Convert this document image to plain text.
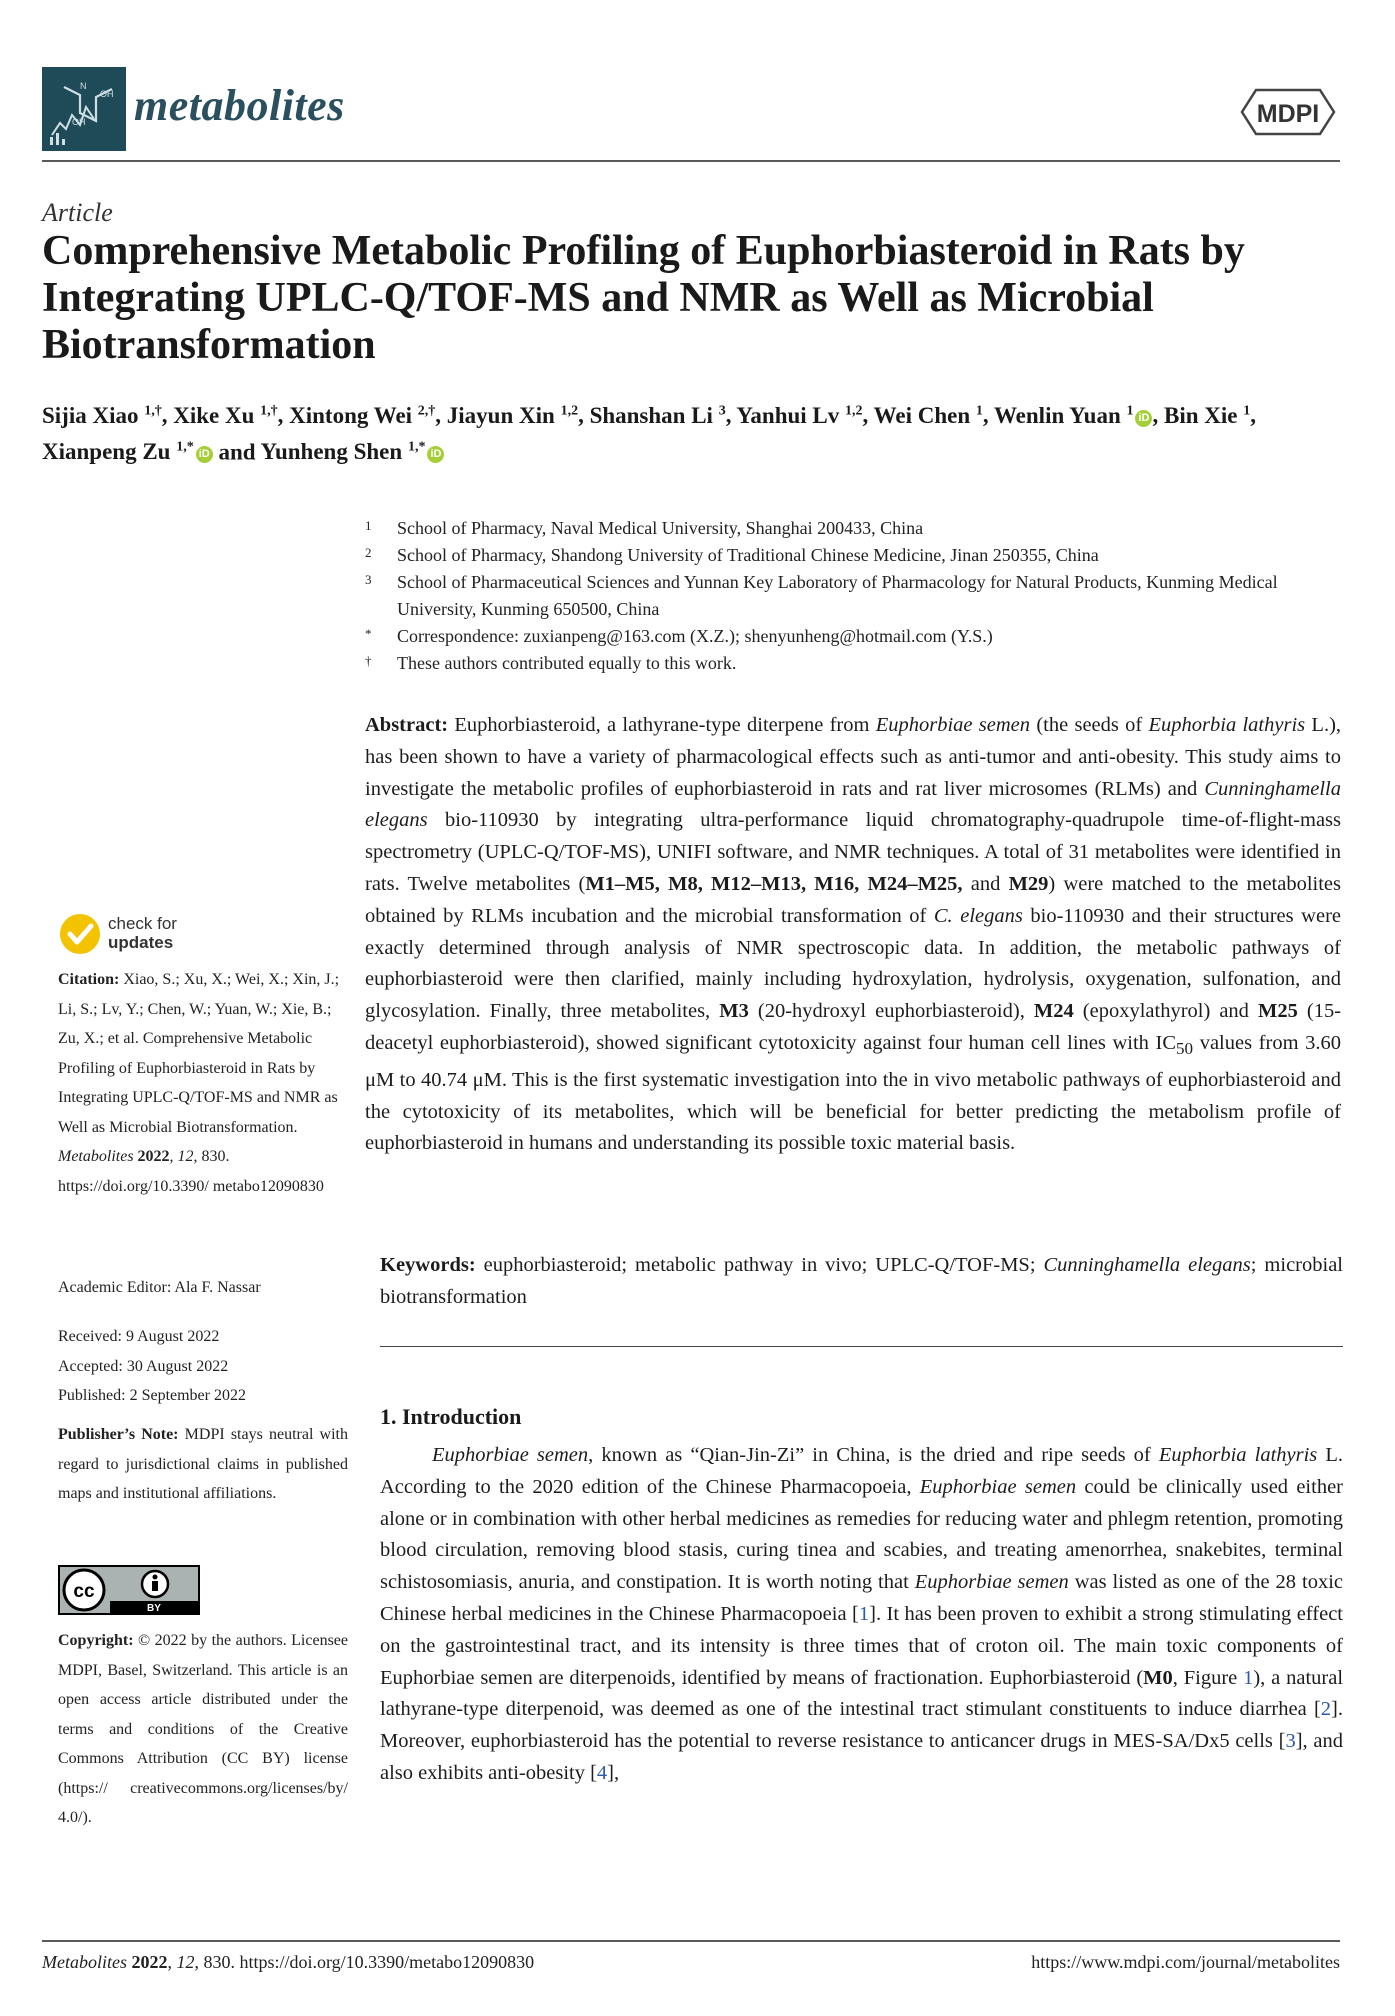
N
OH
OH metabolites	MDPI
Article
Comprehensive Metabolic Profiling of Euphorbiasteroid in Rats by Integrating UPLC-Q/TOF-MS and NMR as Well as Microbial Biotransformation
Sijia Xiao $^{1,\dagger}$, Xike Xu $^{1,\dagger}$, Xintong Wei $^{2,\dagger}$, Jiayun Xin $^{1,2}$, Shanshan Li $^3$, Yanhui Lv $^{1,2}$, Wei Chen $^1$, Wenlin Yuan $^1$ iD , Bin Xie $^1$, Xianpeng Zu $^{1,*}$ iD and Yunheng Shen $^{1,*}$ iD
1 School of Pharmacy, Naval Medical University, Shanghai 200433, China
2 School of Pharmacy, Shandong University of Traditional Chinese Medicine, Jinan 250355, China
3 School of Pharmaceutical Sciences and Yunnan Key Laboratory of Pharmacology for Natural Products, Kunming Medical University, Kunming 650500, China
* Correspondence: zuxianpeng@163.com (X.Z.); shenyunheng@hotmail.com (Y.S.)
† These authors contributed equally to this work.
Abstract: Euphorbiasteroid, a lathyrane-type diterpene from Euphorbiae semen (the seeds of Euphorbia lathyris L.), has been shown to have a variety of pharmacological effects such as anti-tumor and anti-obesity. This study aims to investigate the metabolic profiles of euphorbiasteroid in rats and rat liver microsomes (RLMs) and Cunninghamella elegans bio-110930 by integrating ultra-performance liquid chromatography-quadrupole time-of-flight-mass spectrometry (UPLC-Q/TOF-MS), UNIFI software, and NMR techniques. A total of 31 metabolites were identified in rats. Twelve metabolites (M1–M5, M8, M12–M13, M16, M24–M25, and M29) were matched to the metabolites obtained by RLMs incubation and the microbial transformation of C. elegans bio-110930 and their structures were exactly determined through analysis of NMR spectroscopic data. In addition, the metabolic pathways of euphorbiasteroid were then clarified, mainly including hydroxylation, hydrolysis, oxygenation, sulfonation, and glycosylation. Finally, three metabolites, M3 (20-hydroxyl euphorbiasteroid), M24 (epoxylathyrol) and M25 (15-deacetyl euphorbiasteroid), showed significant cytotoxicity against four human cell lines with $IC_{50}$ values from 3.60 μM to 40.74 μM. This is the first systematic investigation into the in vivo metabolic pathways of euphorbiasteroid and the cytotoxicity of its metabolites, which will be beneficial for better predicting the metabolism profile of euphorbiasteroid in humans and understanding its possible toxic material basis.
Keywords: euphorbiasteroid; metabolic pathway in vivo; UPLC-Q/TOF-MS; Cunninghamella elegans; microbial biotransformation
check for
updates
Citation: Xiao, S.; Xu, X.; Wei, X.; Xin, J.; Li, S.; Lv, Y.; Chen, W.; Yuan, W.; Xie, B.; Zu, X.; et al. Comprehensive Metabolic Profiling of Euphorbiasteroid in Rats by Integrating UPLC-Q/TOF-MS and NMR as Well as Microbial Biotransformation. Metabolites 2022, 12, 830. https://doi.org/10.3390/ metabo12090830
Academic Editor: Ala F. Nassar
Received: 9 August 2022
Accepted: 30 August 2022
Published: 2 September 2022
Publisher’s Note: MDPI stays neutral with regard to jurisdictional claims in published maps and institutional affiliations.
cc
BY
Copyright: © 2022 by the authors. Licensee MDPI, Basel, Switzerland. This article is an open access article distributed under the terms and conditions of the Creative Commons Attribution (CC BY) license (https:// creativecommons.org/licenses/by/ 4.0/).
1. Introduction
Euphorbiae semen, known as “Qian-Jin-Zi” in China, is the dried and ripe seeds of Euphorbia lathyris L. According to the 2020 edition of the Chinese Pharmacopoeia, Euphorbiae semen could be clinically used either alone or in combination with other herbal medicines as remedies for reducing water and phlegm retention, promoting blood circulation, removing blood stasis, curing tinea and scabies, and treating amenorrhea, snakebites, terminal schistosomiasis, anuria, and constipation. It is worth noting that Euphorbiae semen was listed as one of the 28 toxic Chinese herbal medicines in the Chinese Pharmacopoeia [1]. It has been proven to exhibit a strong stimulating effect on the gastrointestinal tract, and its intensity is three times that of croton oil. The main toxic components of Euphorbiae semen are diterpenoids, identified by means of fractionation. Euphorbiasteroid (M0, Figure 1), a natural lathyrane-type diterpenoid, was deemed as one of the intestinal tract stimulant constituents to induce diarrhea [2]. Moreover, euphorbiasteroid has the potential to reverse resistance to anticancer drugs in MES-SA/Dx5 cells [3], and also exhibits anti-obesity [4],
Metabolites 2022, 12, 830. https://doi.org/10.3390/metabo12090830	https://www.mdpi.com/journal/metabolites
